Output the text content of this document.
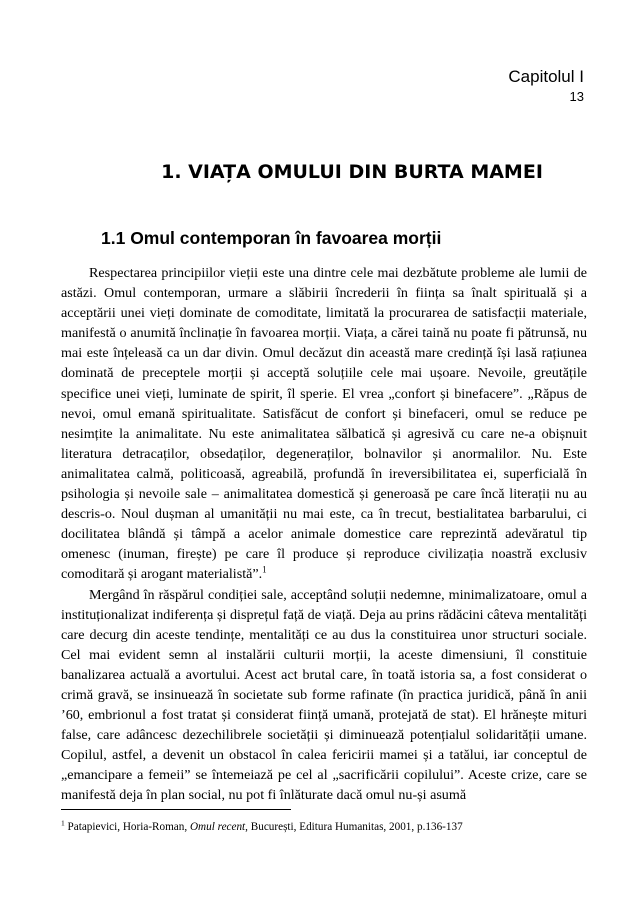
Capitolul I
13
1. VIAȚA OMULUI DIN BURTA MAMEI
1.1 Omul contemporan în favoarea morții

Respectarea principiilor vieții este una dintre cele mai dezbătute probleme ale lumii de astăzi. Omul contemporan, urmare a slăbirii încrederii în ființa sa înalt spirituală și a acceptării unei vieți dominate de comoditate, limitată la procurarea de satisfacții materiale, manifestă o anumită înclinație în favoarea morții. Viața, a cărei taină nu poate fi pătrunsă, nu mai este înțeleasă ca un dar divin. Omul decăzut din această mare credință își lasă rațiunea dominată de preceptele morții și acceptă soluțiile cele mai ușoare. Nevoile, greutățile specifice unei vieți, luminate de spirit, îl sperie. El vrea „confort și binefacere”. „Răpus de nevoi, omul emană spiritualitate. Satisfăcut de confort și binefaceri, omul se reduce pe nesimțite la animalitate. Nu este animalitatea sălbatică și agresivă cu care ne-a obișnuit literatura detracaților, obsedaților, degeneraților, bolnavilor și anormalilor. Nu. Este animalitatea calmă, politicoasă, agreabilă, profundă în ireversibilitatea ei, superficială în psihologia și nevoile sale – animalitatea domestică și generoasă pe care încă literații nu au descris-o. Noul dușman al umanității nu mai este, ca în trecut, bestialitatea barbarului, ci docilitatea blândă și tâmpă a acelor animale domestice care reprezintă adevăratul tip omenesc (inuman, firește) pe care îl produce și reproduce civilizația noastră exclusiv comoditară și arogant materialistă”.$^1$

Mergând în răspărul condiției sale, acceptând soluții nedemne, minimalizatoare, omul a instituționalizat indiferența și disprețul față de viață. Deja au prins rădăcini câteva mentalități care decurg din aceste tendințe, mentalități ce au dus la constituirea unor structuri sociale. Cel mai evident semn al instalării culturii morții, la aceste dimensiuni, îl constituie banalizarea actuală a avortului. Acest act brutal care, în toată istoria sa, a fost considerat o crimă gravă, se insinuează în societate sub forme rafinate (în practica juridică, până în anii ’60, embrionul a fost tratat și considerat ființă umană, protejată de stat). El hrănește mituri false, care adâncesc dezechilibrele societății și diminuează potențialul solidarității umane. Copilul, astfel, a devenit un obstacol în calea fericirii mamei și a tatălui, iar conceptul de „emancipare a femeii” se întemeiază pe cel al „sacrificării copilului”. Aceste crize, care se manifestă deja în plan social, nu pot fi înlăturate dacă omul nu-și asumă

$^1$ Patapievici, Horia-Roman, Omul recent, București, Editura Humanitas, 2001, p.136-137
